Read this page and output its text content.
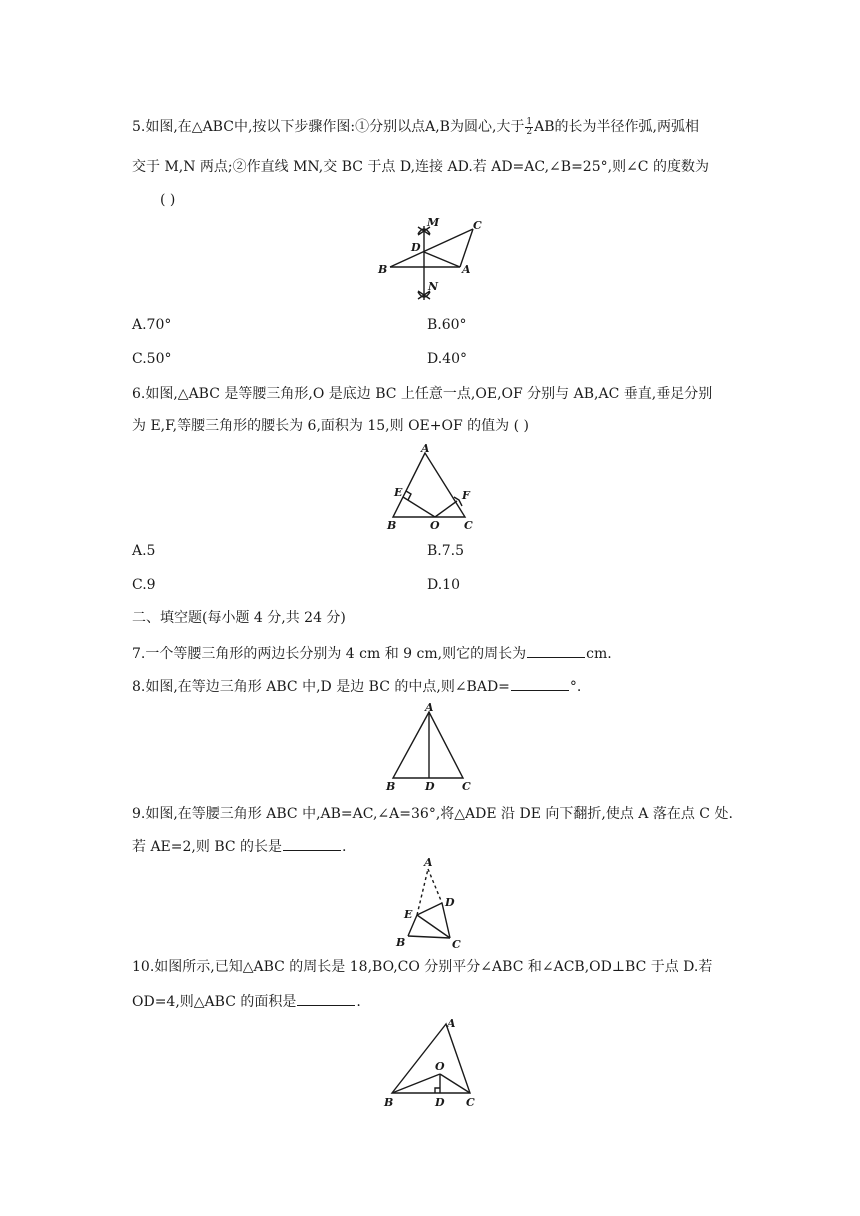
5.如图,在△ABC中,按以下步骤作图:①分别以点A,B为圆心,大于 $\frac{1}{2}$ AB的长为半径作弧,两弧相
交于 M,N 两点;②作直线 MN,交 BC 于点 D,连接 AD.若 AD=AC,∠B=25°,则∠C 的度数为
( )
M	C
D
B	A
N
A.70°	B.60°
C.50°	D.40°
6.如图,△ABC 是等腰三角形,O 是底边 BC 上任意一点,OE,OF 分别与 AB,AC 垂直,垂足分别
为 E,F,等腰三角形的腰长为 6,面积为 15,则 OE+OF 的值为 ( )
A
E	F
B	O C
A.5	B.7.5
C.9	D.10
二、填空题(每小题 4 分,共 24 分)
7.一个等腰三角形的两边长分别为 4 cm 和 9 cm,则它的周长为	cm.
8.如图,在等边三角形 ABC 中,D 是边 BC 的中点,则∠BAD=	°.
A
B	D C
9.如图,在等腰三角形 ABC 中,AB=AC,∠A=36°,将△ADE 沿 DE 向下翻折,使点 A 落在点 C 处.
若 AE=2,则 BC 的长是	.
A
D
E
B	C
10.如图所示,已知△ABC 的周长是 18,BO,CO 分别平分∠ABC 和∠ACB,OD⊥BC 于点 D.若
OD=4,则△ABC 的面积是	.
A
O
B	D C
